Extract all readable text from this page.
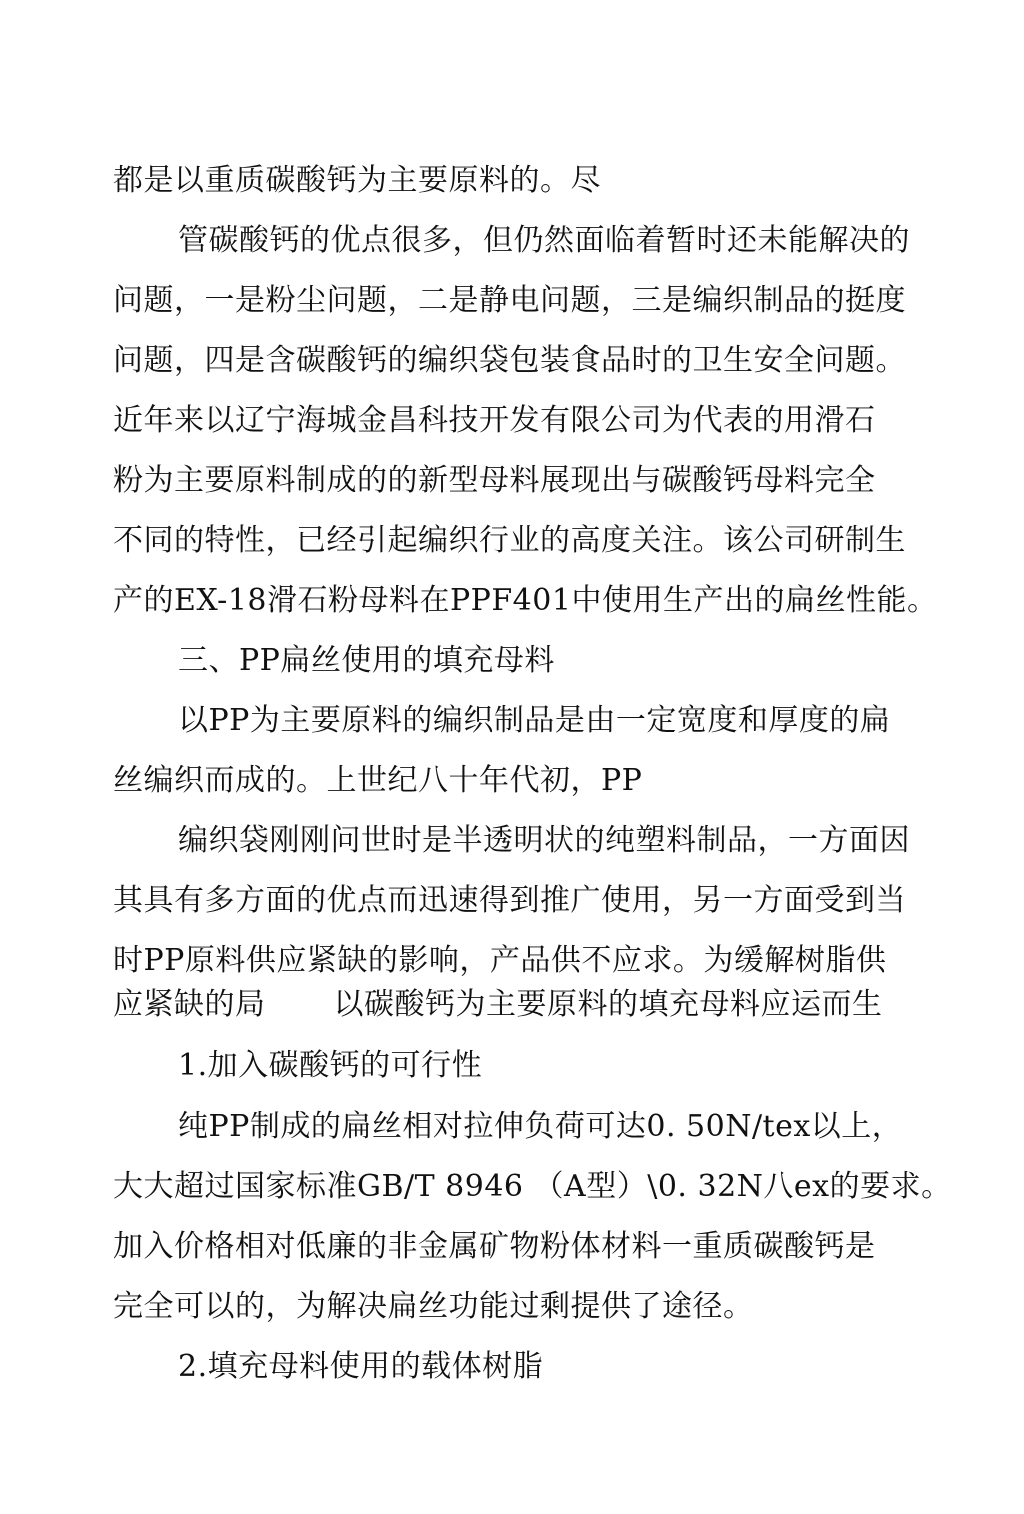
都是以重质碳酸钙为主要原料的。尽

管碳酸钙的优点很多，但仍然面临着暂时还未能解决的

问题，一是粉尘问题，二是静电问题，三是编织制品的挺度

问题，四是含碳酸钙的编织袋包装食品时的卫生安全问题。

近年来以辽宁海城金昌科技开发有限公司为代表的用滑石

粉为主要原料制成的的新型母料展现出与碳酸钙母料完全

不同的特性，已经引起编织行业的高度关注。该公司研制生

产的EX-18滑石粉母料在PPF401中使用生产出的扁丝性能。

三、PP扁丝使用的填充母料

以PP为主要原料的编织制品是由一定宽度和厚度的扁

丝编织而成的。上世纪八十年代初，PP

编织袋刚刚问世时是半透明状的纯塑料制品，一方面因

其具有多方面的优点而迅速得到推广使用，另一方面受到当

时PP原料供应紧缺的影响，产品供不应求。为缓解树脂供

应紧缺的局 以碳酸钙为主要原料的填充母料应运而生

1.加入碳酸钙的可行性

纯PP制成的扁丝相对拉伸负荷可达0. 50N/tex以上，

大大超过国家标准GB/T 8946 （A型）\0. 32N八ex的要求。

加入价格相对低廉的非金属矿物粉体材料一重质碳酸钙是

完全可以的，为解决扁丝功能过剩提供了途径。

2.填充母料使用的载体树脂
